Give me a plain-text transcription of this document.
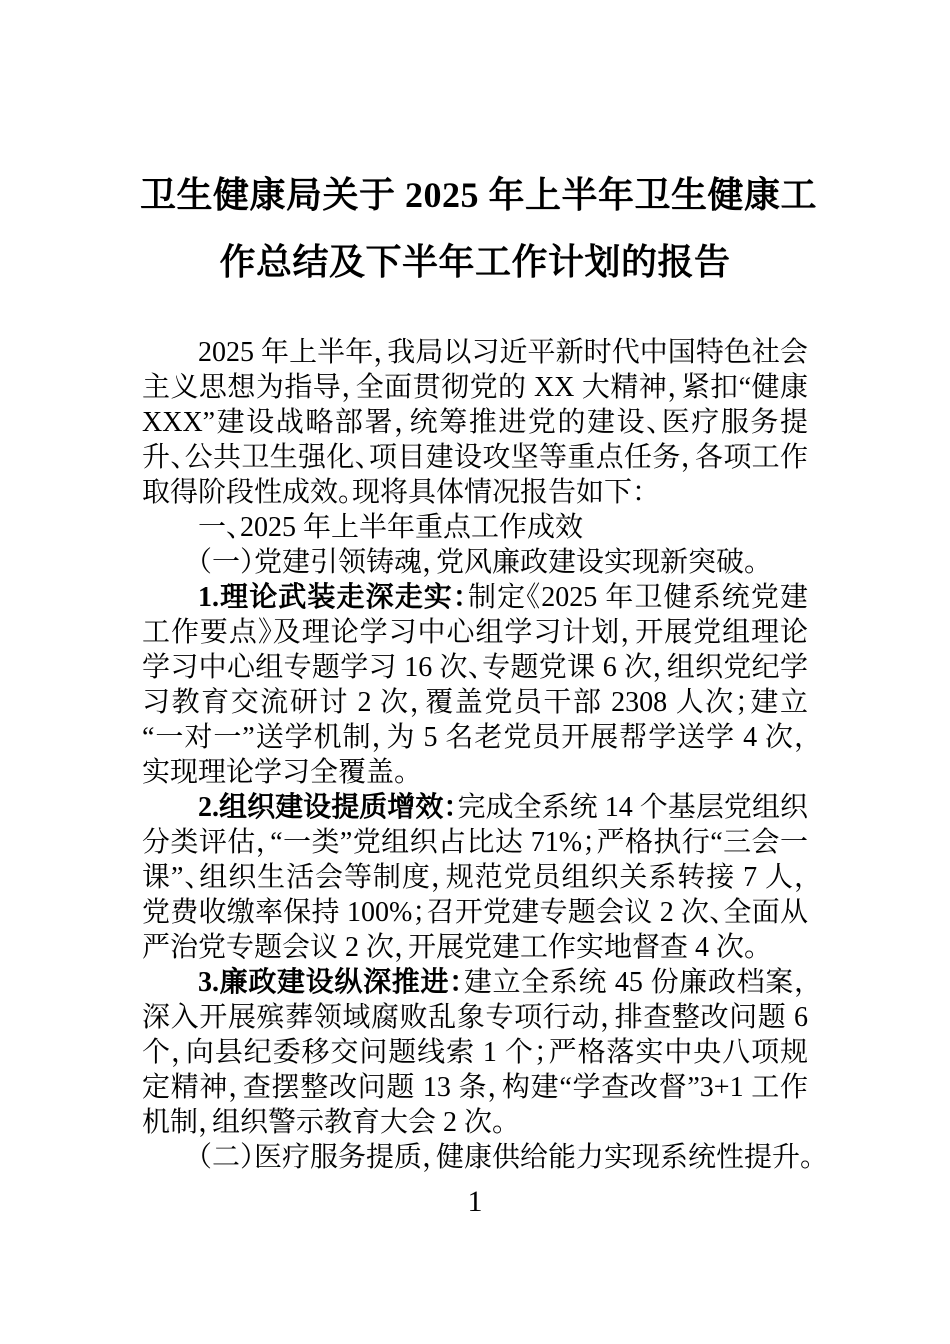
卫生健康局关于 2025 年上半年卫生健康工
作总结及下半年工作计划的报告

2025 年上半年，我局以习近平新时代中国特色社会主义思想为指导，全面贯彻党的 XX 大精神，紧扣“健康XXX”建设战略部署，统筹推进党的建设、医疗服务提升、公共卫生强化、项目建设攻坚等重点任务，各项工作取得阶段性成效。现将具体情况报告如下：

一、2025 年上半年重点工作成效

（一）党建引领铸魂，党风廉政建设实现新突破。

1.理论武装走深走实：制定《2025 年卫健系统党建工作要点》及理论学习中心组学习计划，开展党组理论学习中心组专题学习 16 次、专题党课 6 次，组织党纪学习教育交流研讨 2 次，覆盖党员干部 2308 人次；建立“一对一”送学机制，为 5 名老党员开展帮学送学 4 次，实现理论学习全覆盖。

2.组织建设提质增效：完成全系统 14 个基层党组织分类评估，“一类”党组织占比达 71%；严格执行“三会一课”、组织生活会等制度，规范党员组织关系转接 7 人，党费收缴率保持 100%；召开党建专题会议 2 次、全面从严治党专题会议 2 次，开展党建工作实地督查 4 次。

3.廉政建设纵深推进：建立全系统 45 份廉政档案，深入开展殡葬领域腐败乱象专项行动，排查整改问题 6 个，向县纪委移交问题线索 1 个；严格落实中央八项规定精神，查摆整改问题 13 条，构建“学查改督”3+1 工作机制，组织警示教育大会 2 次。

（二）医疗服务提质，健康供给能力实现系统性提升。

1
